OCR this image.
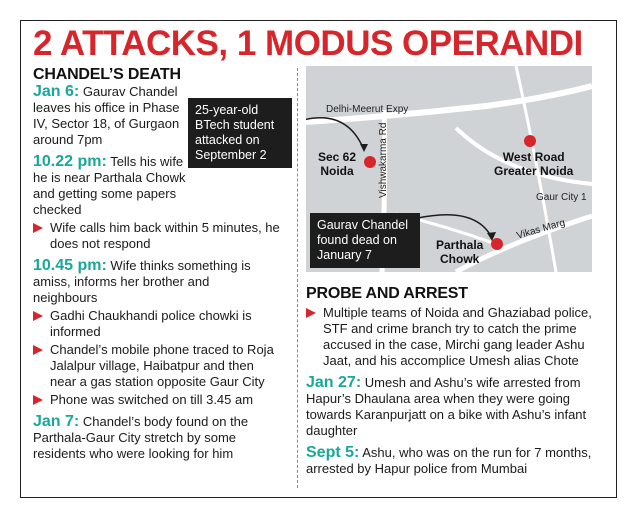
2 ATTACKS, 1 MODUS OPERANDI
CHANDEL’S DEATH
Jan 6: Gaurav Chandel leaves his office in Phase IV, Sector 18, of Gurgaon around 7pm
10.22 pm: Tells his wife he is near Parthala Chowk and getting some papers checked
Wife calls him back within 5 minutes, he does not respond
10.45 pm: Wife thinks something is amiss, informs her brother and neighbours
Gadhi Chaukhandi police chowki is informed
Chandel’s mobile phone traced to Roja Jalalpur village, Haibatpur and then near a gas station opposite Gaur City
Phone was switched on till 3.45 am
Jan 7: Chandel’s body found on the Parthala-Gaur City stretch by some residents who were looking for him
Delhi-Meerut Expy
Vishwakarma Rd
Vikas Marg
Gaur City 1
Sec 62
Noida
West Road
Greater Noida
Parthala
Chowk
25-year-old BTech student attacked on September 2
Gaurav Chandel found dead on January 7
PROBE AND ARREST
Multiple teams of Noida and Ghaziabad police, STF and crime branch try to catch the prime accused in the case, Mirchi gang leader Ashu Jaat, and his accomplice Umesh alias Chote
Jan 27: Umesh and Ashu’s wife arrested from Hapur’s Dhaulana area when they were going towards Karanpurjatt on a bike with Ashu’s infant daughter
Sept 5: Ashu, who was on the run for 7 months, arrested by Hapur police from Mumbai
